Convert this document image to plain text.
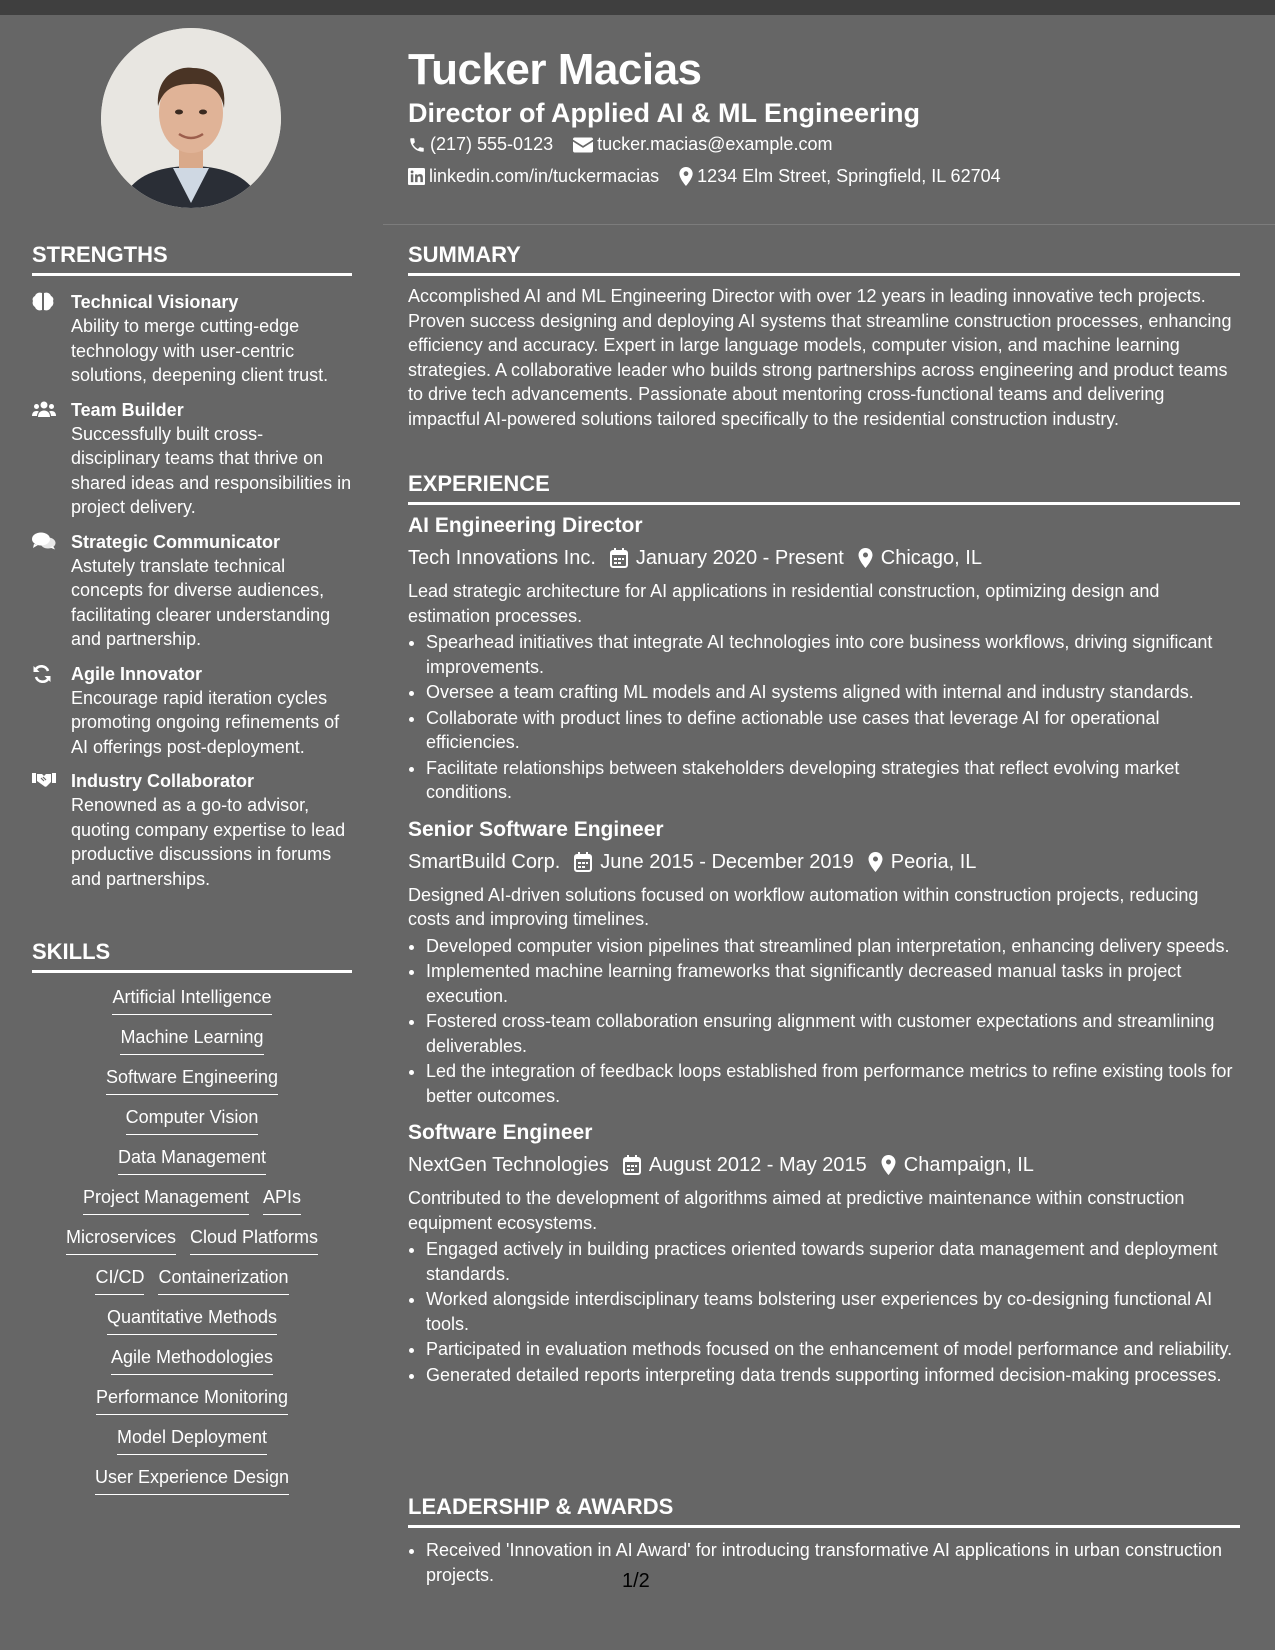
Tucker Macias
Director of Applied AI & ML Engineering
(217) 555-0123 tucker.macias@example.com
linkedin.com/in/tuckermacias 1234 Elm Street, Springfield, IL 62704
STRENGTHS
Technical Visionary
Ability to merge cutting-edge technology with user-centric solutions, deepening client trust.
Team Builder
Successfully built cross-disciplinary teams that thrive on shared ideas and responsibilities in project delivery.
Strategic Communicator
Astutely translate technical concepts for diverse audiences, facilitating clearer understanding and partnership.
Agile Innovator
Encourage rapid iteration cycles promoting ongoing refinements of AI offerings post-deployment.
Industry Collaborator
Renowned as a go-to advisor, quoting company expertise to lead productive discussions in forums and partnerships.
SKILLS
Artificial Intelligence
Machine Learning
Software Engineering
Computer Vision
Data Management
Project Management APIs
Microservices Cloud Platforms
CI/CD Containerization
Quantitative Methods
Agile Methodologies
Performance Monitoring
Model Deployment
User Experience Design
SUMMARY

Accomplished AI and ML Engineering Director with over 12 years in leading innovative tech projects. Proven success designing and deploying AI systems that streamline construction processes, enhancing efficiency and accuracy. Expert in large language models, computer vision, and machine learning strategies. A collaborative leader who builds strong partnerships across engineering and product teams to drive tech advancements. Passionate about mentoring cross-functional teams and delivering impactful AI-powered solutions tailored specifically to the residential construction industry.

EXPERIENCE
AI Engineering Director
Tech Innovations Inc. January 2020 - Present Chicago, IL
Lead strategic architecture for AI applications in residential construction, optimizing design and estimation processes.
• Spearhead initiatives that integrate AI technologies into core business workflows, driving significant improvements.
• Oversee a team crafting ML models and AI systems aligned with internal and industry standards.
• Collaborate with product lines to define actionable use cases that leverage AI for operational efficiencies.
• Facilitate relationships between stakeholders developing strategies that reflect evolving market conditions.
Senior Software Engineer
SmartBuild Corp. June 2015 - December 2019 Peoria, IL
Designed AI-driven solutions focused on workflow automation within construction projects, reducing costs and improving timelines.
• Developed computer vision pipelines that streamlined plan interpretation, enhancing delivery speeds.
• Implemented machine learning frameworks that significantly decreased manual tasks in project execution.
• Fostered cross-team collaboration ensuring alignment with customer expectations and streamlining deliverables.
• Led the integration of feedback loops established from performance metrics to refine existing tools for better outcomes.
Software Engineer
NextGen Technologies August 2012 - May 2015 Champaign, IL
Contributed to the development of algorithms aimed at predictive maintenance within construction equipment ecosystems.
• Engaged actively in building practices oriented towards superior data management and deployment standards.
• Worked alongside interdisciplinary teams bolstering user experiences by co-designing functional AI tools.
• Participated in evaluation methods focused on the enhancement of model performance and reliability.
• Generated detailed reports interpreting data trends supporting informed decision-making processes.
LEADERSHIP & AWARDS
• Received 'Innovation in AI Award' for introducing transformative AI applications in urban construction projects.	1/2
